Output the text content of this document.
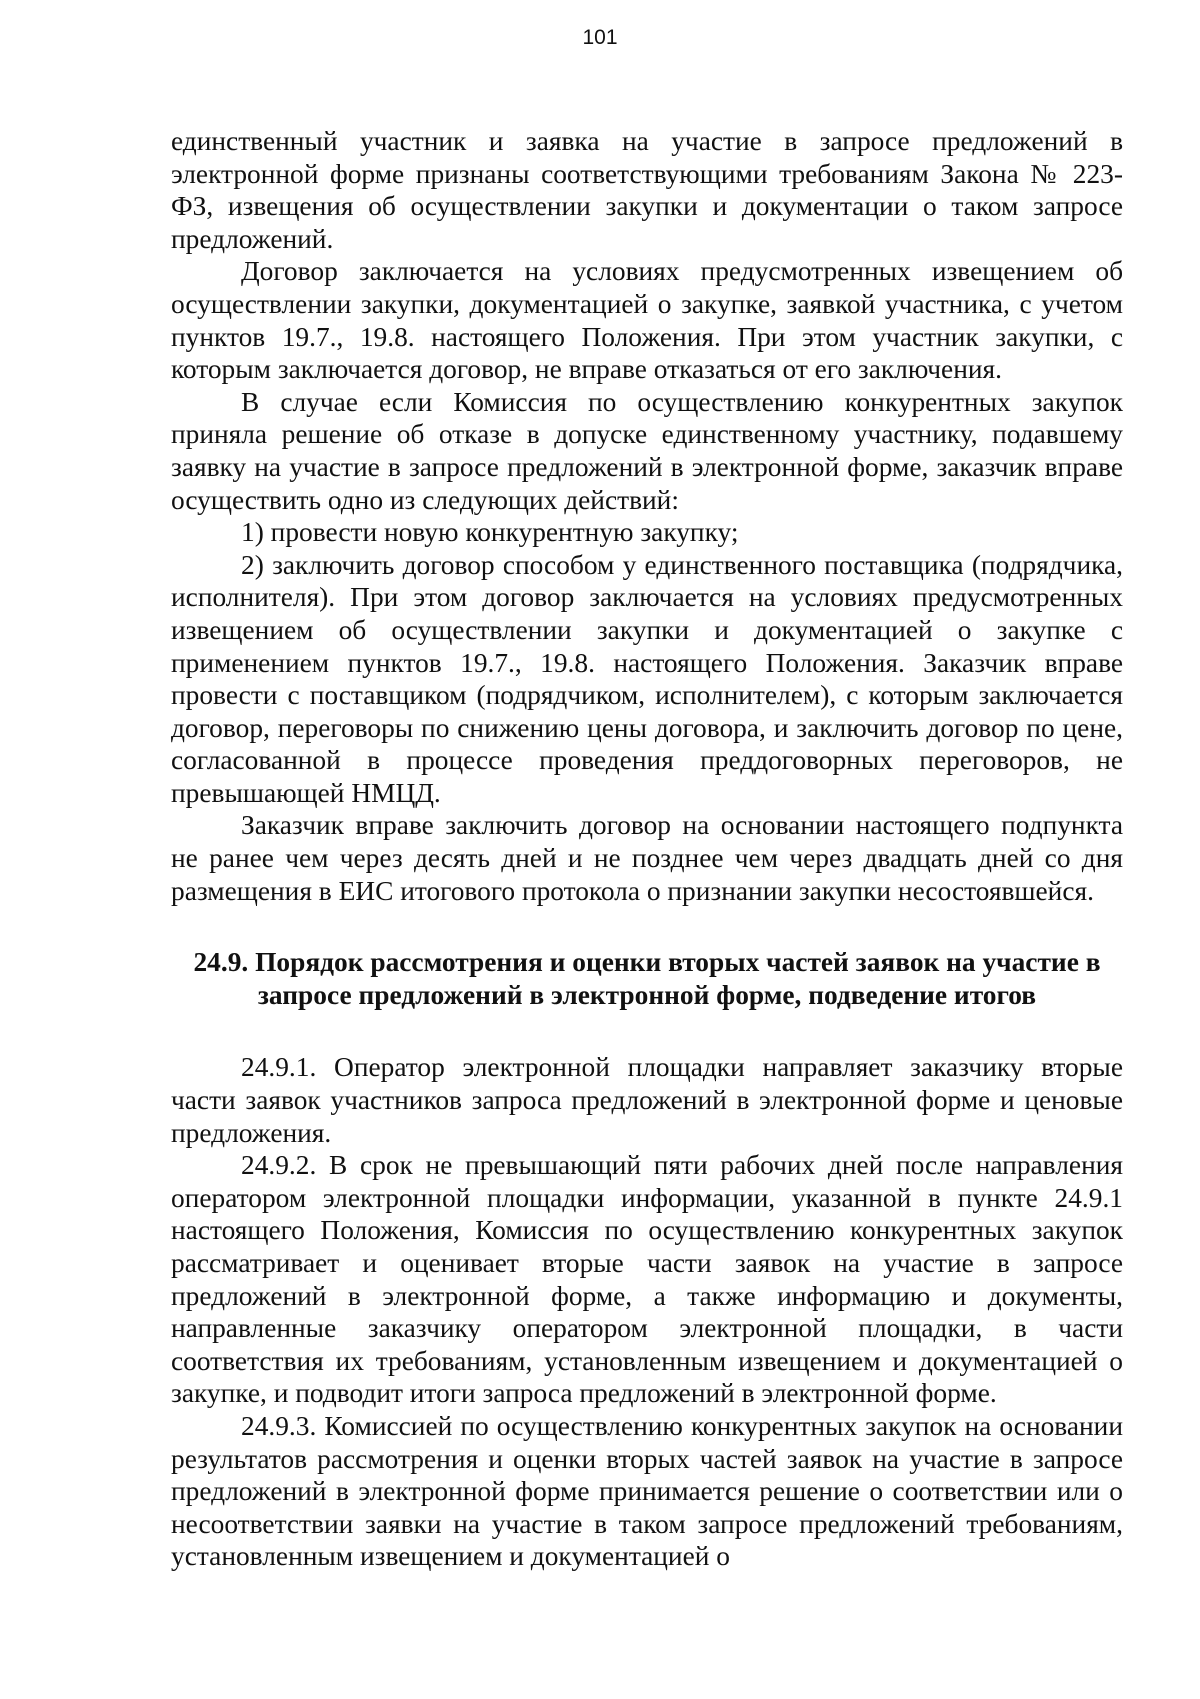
101

единственный участник и заявка на участие в запросе предложений в электронной форме признаны соответствующими требованиям Закона № 223-ФЗ, извещения об осуществлении закупки и документации о таком запросе предложений.

Договор заключается на условиях предусмотренных извещением об осуществлении закупки, документацией о закупке, заявкой участника, с учетом пунктов 19.7., 19.8. настоящего Положения. При этом участник закупки, с которым заключается договор, не вправе отказаться от его заключения.

В случае если Комиссия по осуществлению конкурентных закупок приняла решение об отказе в допуске единственному участнику, подавшему заявку на участие в запросе предложений в электронной форме, заказчик вправе осуществить одно из следующих действий:

1) провести новую конкурентную закупку;

2) заключить договор способом у единственного поставщика (подрядчика, исполнителя). При этом договор заключается на условиях предусмотренных извещением об осуществлении закупки и документацией о закупке с применением пунктов 19.7., 19.8. настоящего Положения. Заказчик вправе провести с поставщиком (подрядчиком, исполнителем), с которым заключается договор, переговоры по снижению цены договора, и заключить договор по цене, согласованной в процессе проведения преддоговорных переговоров, не превышающей НМЦД.

Заказчик вправе заключить договор на основании настоящего подпункта не ранее чем через десять дней и не позднее чем через двадцать дней со дня размещения в ЕИС итогового протокола о признании закупки несостоявшейся.

24.9. Порядок рассмотрения и оценки вторых частей заявок на участие в запросе предложений в электронной форме, подведение итогов

24.9.1. Оператор электронной площадки направляет заказчику вторые части заявок участников запроса предложений в электронной форме и ценовые предложения.

24.9.2. В срок не превышающий пяти рабочих дней после направления оператором электронной площадки информации, указанной в пункте 24.9.1 настоящего Положения, Комиссия по осуществлению конкурентных закупок рассматривает и оценивает вторые части заявок на участие в запросе предложений в электронной форме, а также информацию и документы, направленные заказчику оператором электронной площадки, в части соответствия их требованиям, установленным извещением и документацией о закупке, и подводит итоги запроса предложений в электронной форме.

24.9.3. Комиссией по осуществлению конкурентных закупок на основании результатов рассмотрения и оценки вторых частей заявок на участие в запросе предложений в электронной форме принимается решение о соответствии или о несоответствии заявки на участие в таком запросе предложений требованиям, установленным извещением и документацией о
